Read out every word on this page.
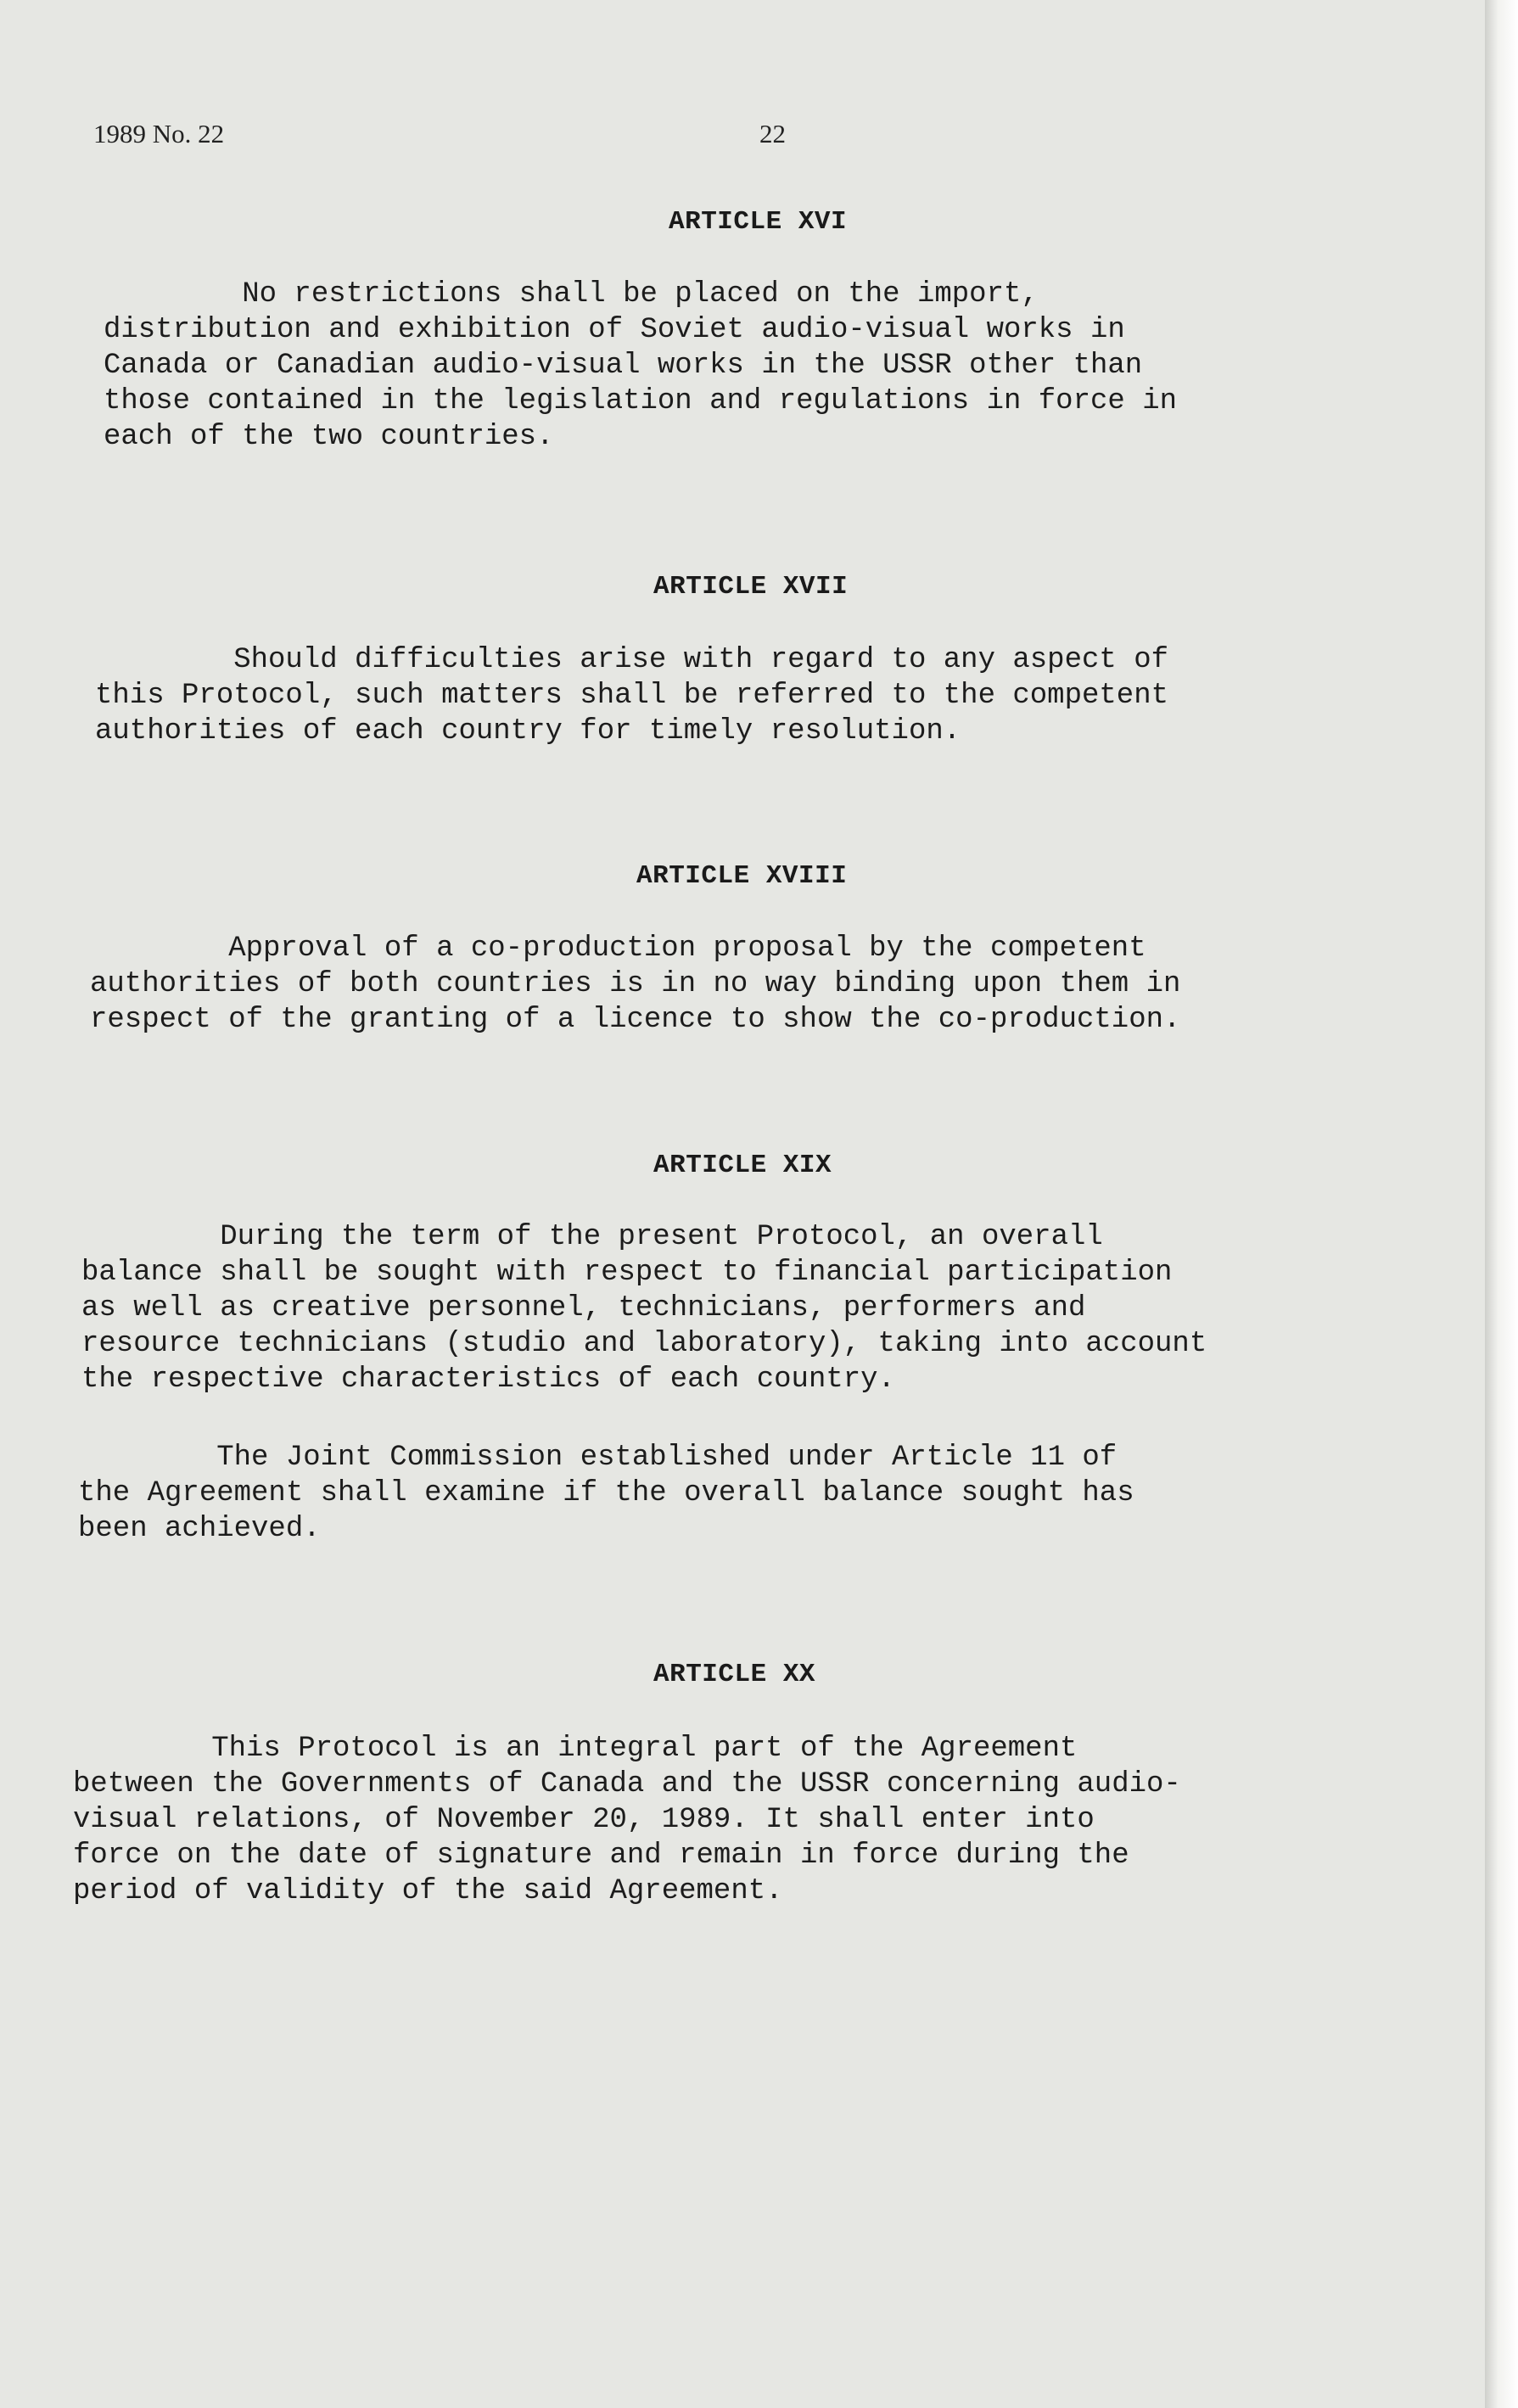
1989 No. 22	22
ARTICLE XVI
No restrictions shall be placed on the import,
distribution and exhibition of Soviet audio-visual works in
Canada or Canadian audio-visual works in the USSR other than
those contained in the legislation and regulations in force in
each of the two countries.
ARTICLE XVII
Should difficulties arise with regard to any aspect of
this Protocol, such matters shall be referred to the competent
authorities of each country for timely resolution.
ARTICLE XVIII
Approval of a co-production proposal by the competent
authorities of both countries is in no way binding upon them in
respect of the granting of a licence to show the co-production.
ARTICLE XIX
During the term of the present Protocol, an overall
balance shall be sought with respect to financial participation
as well as creative personnel, technicians, performers and
resource technicians (studio and laboratory), taking into account
the respective characteristics of each country.
The Joint Commission established under Article 11 of
the Agreement shall examine if the overall balance sought has
been achieved.
ARTICLE XX
This Protocol is an integral part of the Agreement
between the Governments of Canada and the USSR concerning audio-
visual relations, of November 20, 1989. It shall enter into
force on the date of signature and remain in force during the
period of validity of the said Agreement.
